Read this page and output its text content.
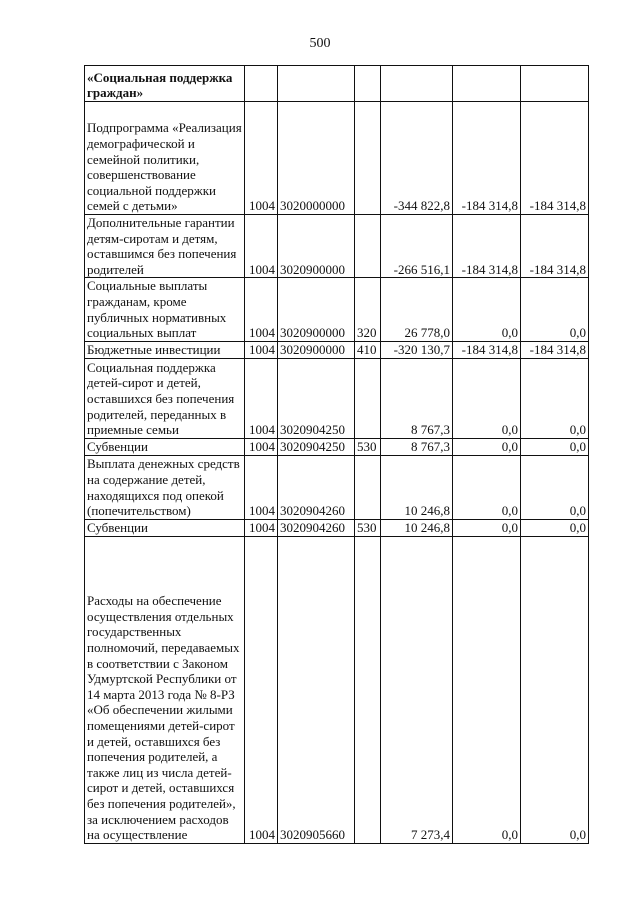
500
«Социальная поддержка граждан»						
Подпрограмма «Реализация демографической и семейной политики, совершенствование социальной поддержки семей с детьми»	1004	3020000000		-344 822,8	-184 314,8	-184 314,8
Дополнительные гарантии детям-сиротам и детям, оставшимся без попечения родителей	1004	3020900000		-266 516,1	-184 314,8	-184 314,8
Социальные выплаты гражданам, кроме публичных нормативных социальных выплат	1004	3020900000	320	26 778,0	0,0	0,0
Бюджетные инвестиции	1004	3020900000	410	-320 130,7	-184 314,8	-184 314,8
Социальная поддержка детей-сирот и детей, оставшихся без попечения родителей, переданных в приемные семьи	1004	3020904250		8 767,3	0,0	0,0
Субвенции	1004	3020904250	530	8 767,3	0,0	0,0
Выплата денежных средств на содержание детей, находящихся под опекой (попечительством)	1004	3020904260		10 246,8	0,0	0,0
Субвенции	1004	3020904260	530	10 246,8	0,0	0,0
Расходы на обеспечение осуществления отдельных государственных полномочий, передаваемых в соответствии с Законом Удмуртской Республики от 14 марта 2013 года № 8-РЗ «Об обеспечении жилыми помещениями детей-сирот и детей, оставшихся без попечения родителей, а также лиц из числа детей-сирот и детей, оставшихся без попечения родителей», за исключением расходов на осуществление	1004	3020905660		7 273,4	0,0	0,0
